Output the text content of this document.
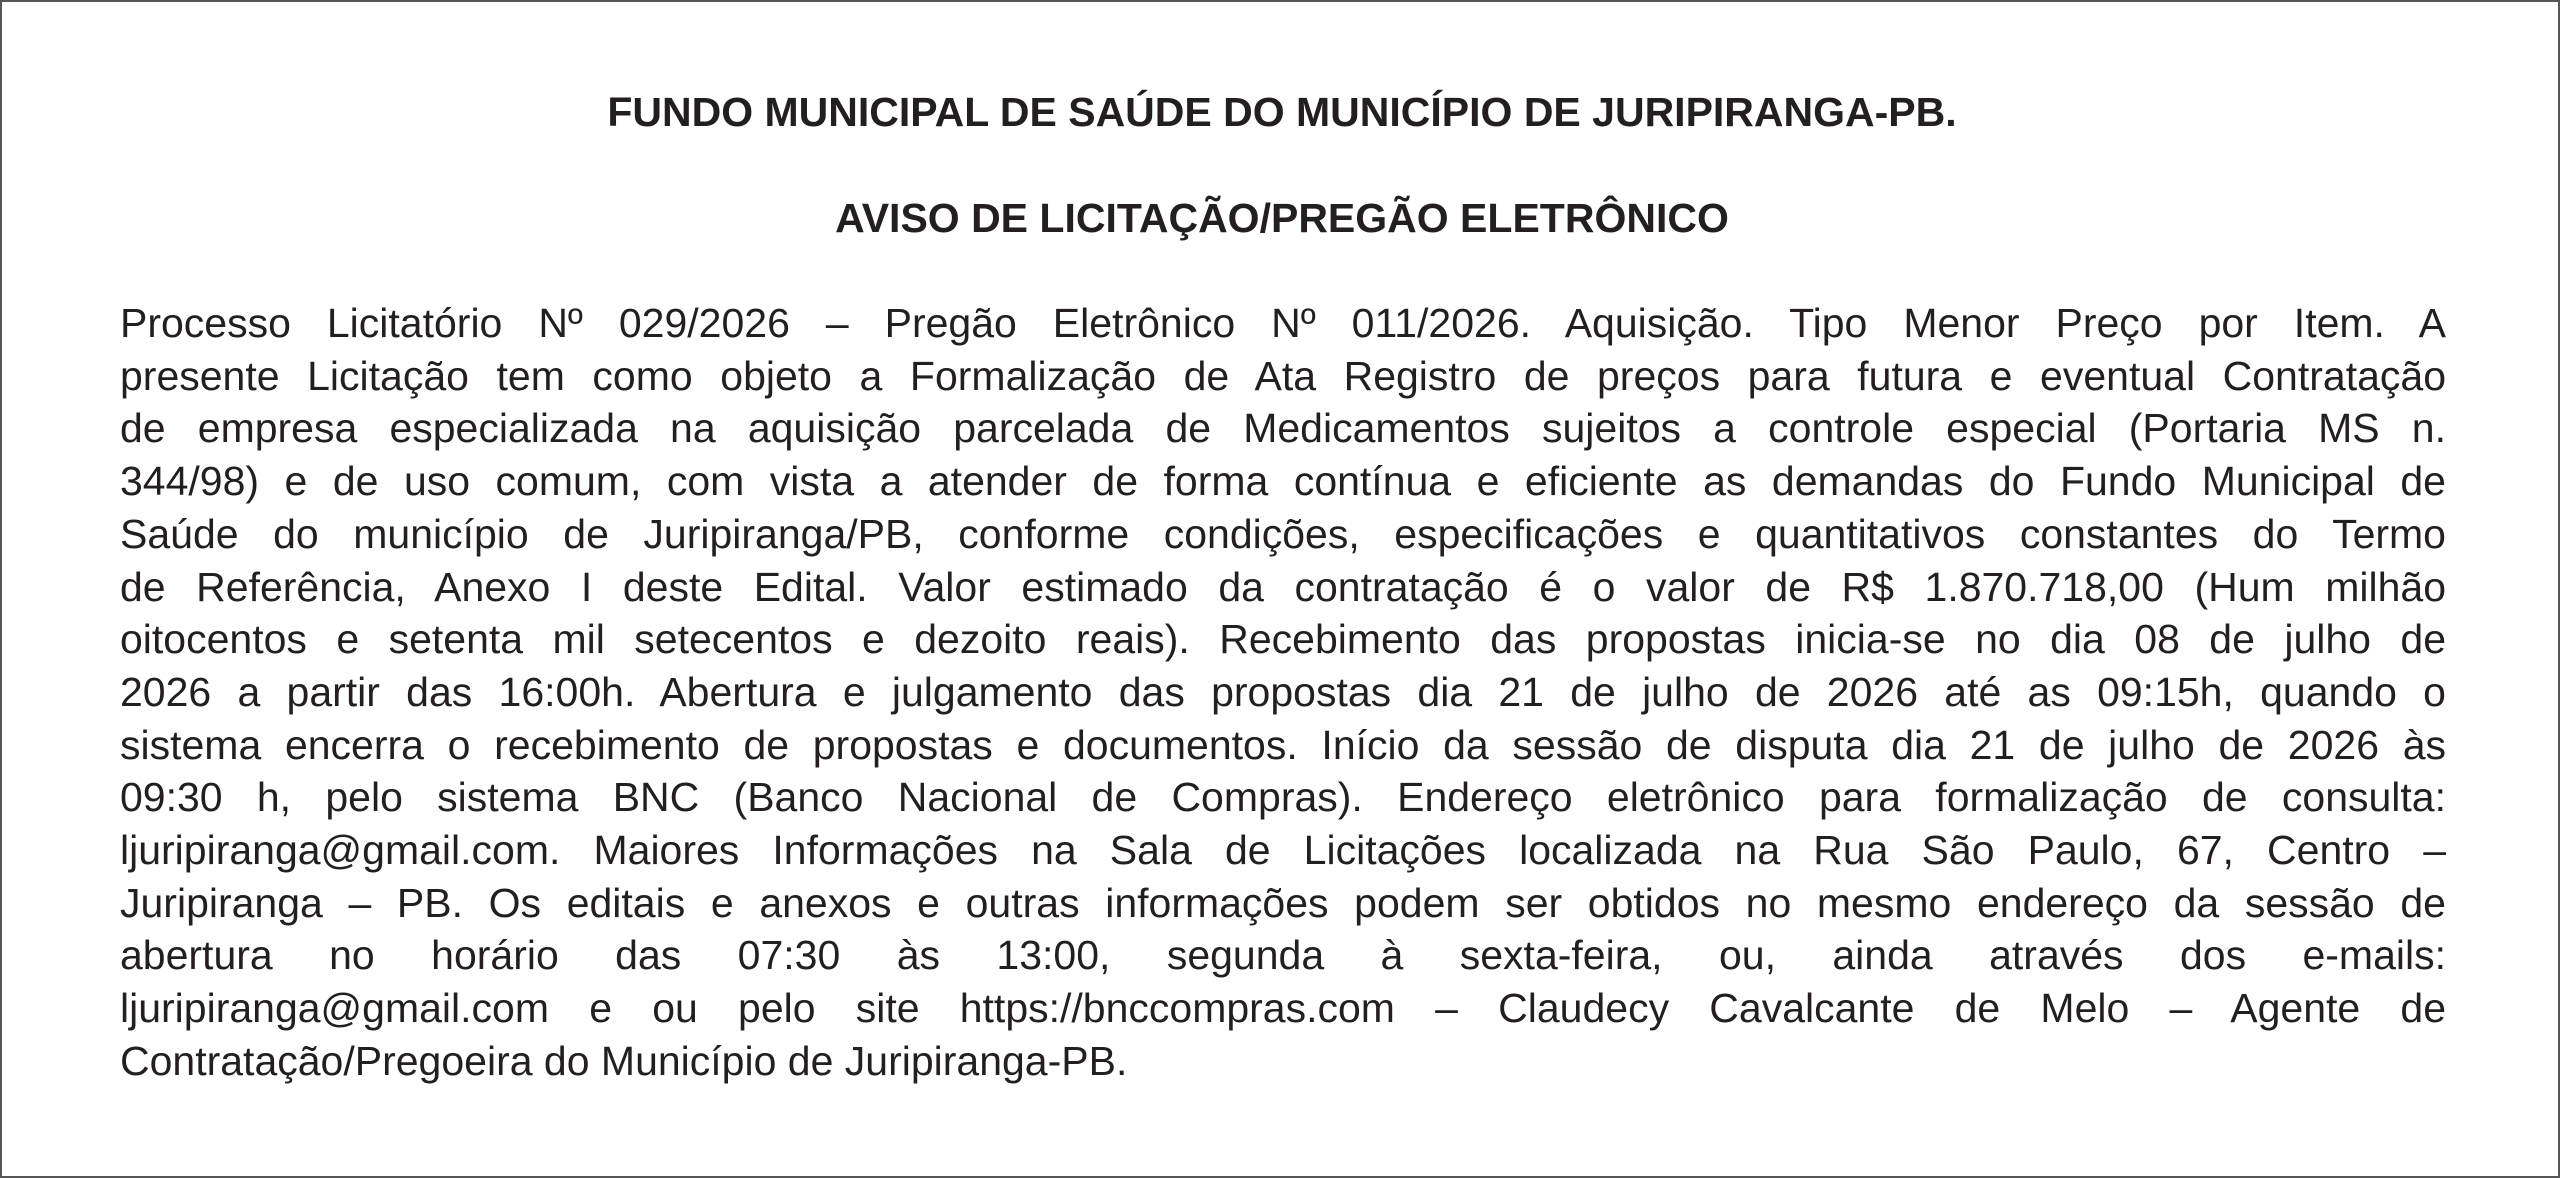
FUNDO MUNICIPAL DE SAÚDE DO MUNICÍPIO DE JURIPIRANGA-PB.
AVISO DE LICITAÇÃO/PREGÃO ELETRÔNICO
Processo Licitatório Nº 029/2026 – Pregão Eletrônico Nº 011/2026. Aquisição. Tipo Menor Preço por Item. A
presente Licitação tem como objeto a Formalização de Ata Registro de preços para futura e eventual Contratação
de empresa especializada na aquisição parcelada de Medicamentos sujeitos a controle especial (Portaria MS n.
344/98) e de uso comum, com vista a atender de forma contínua e eficiente as demandas do Fundo Municipal de
Saúde do município de Juripiranga/PB, conforme condições, especificações e quantitativos constantes do Termo
de Referência, Anexo I deste Edital. Valor estimado da contratação é o valor de R$ 1.870.718,00 (Hum milhão
oitocentos e setenta mil setecentos e dezoito reais). Recebimento das propostas inicia-se no dia 08 de julho de
2026 a partir das 16:00h. Abertura e julgamento das propostas dia 21 de julho de 2026 até as 09:15h, quando o
sistema encerra o recebimento de propostas e documentos. Início da sessão de disputa dia 21 de julho de 2026 às
09:30 h, pelo sistema BNC (Banco Nacional de Compras). Endereço eletrônico para formalização de consulta:
ljuripiranga@gmail.com. Maiores Informações na Sala de Licitações localizada na Rua São Paulo, 67, Centro –
Juripiranga – PB. Os editais e anexos e outras informações podem ser obtidos no mesmo endereço da sessão de
abertura no horário das 07:30 às 13:00, segunda à sexta-feira, ou, ainda através dos e-mails:
ljuripiranga@gmail.com e ou pelo site https://bnccompras.com – Claudecy Cavalcante de Melo – Agente de
Contratação/Pregoeira do Município de Juripiranga-PB.
